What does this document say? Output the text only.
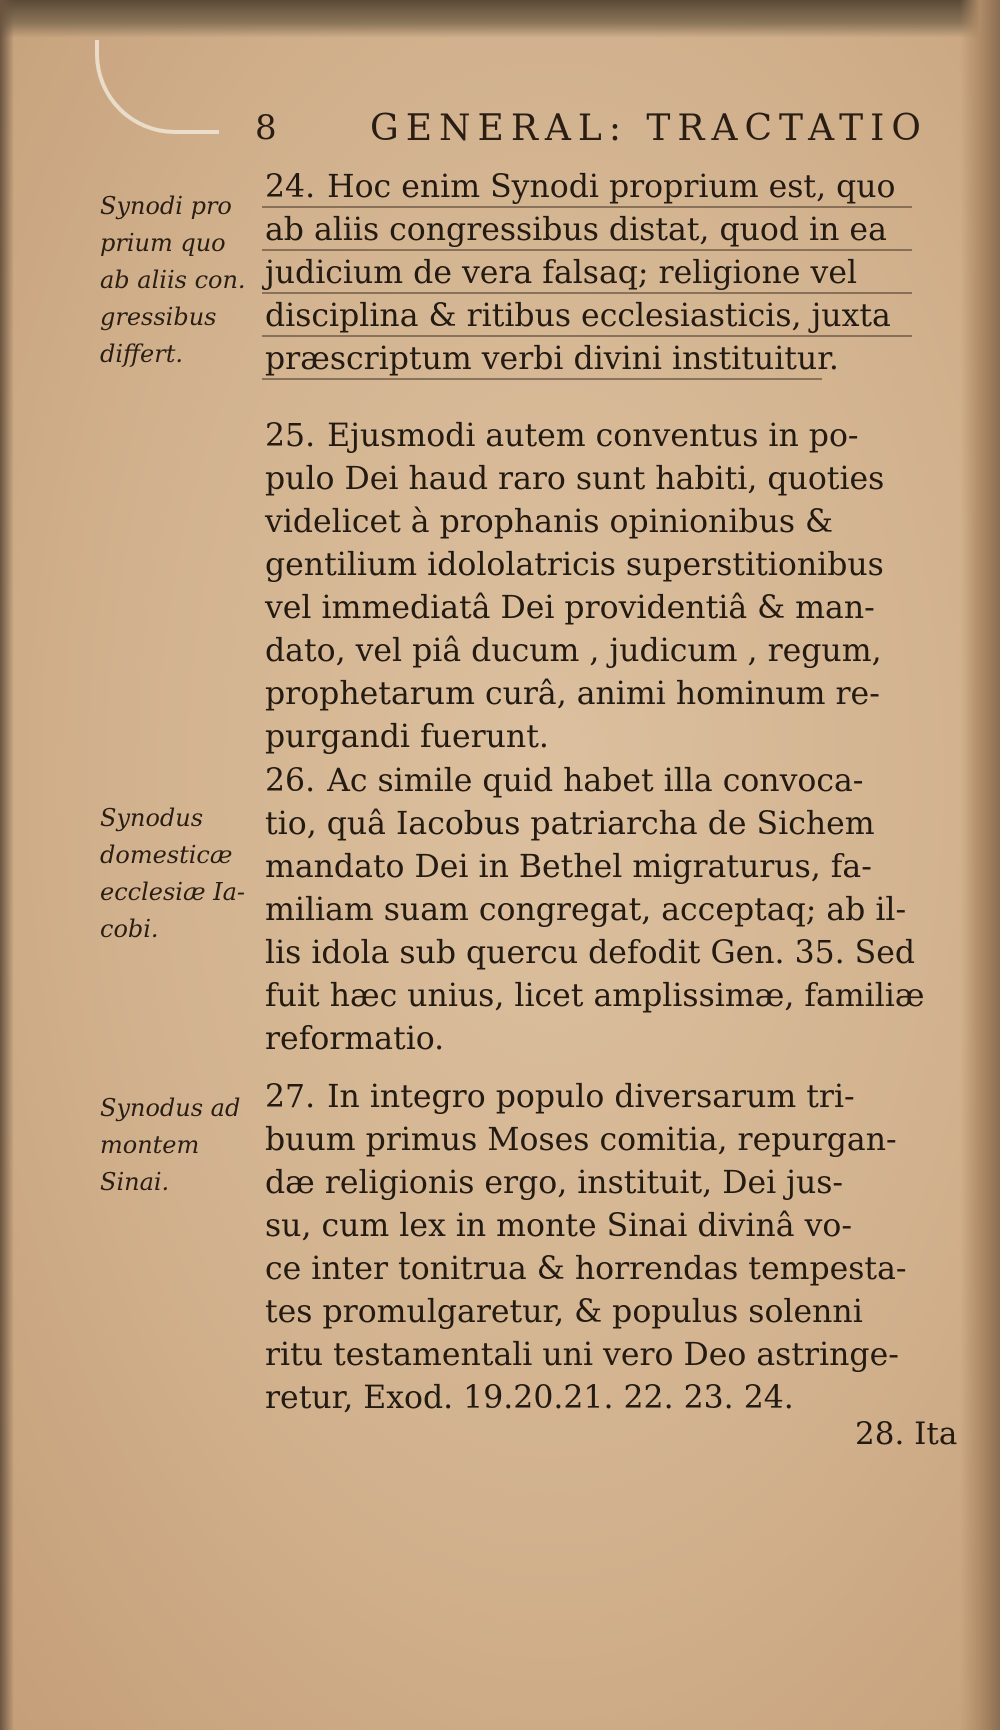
8	GENERAL: TRACTATIO
Synodi pro
prium quo
ab aliis con.
gressibus
differt.
24. Hoc enim Synodi proprium est, quo
ab aliis congressibus distat, quod in ea
judicium de vera falsaq; religione vel
disciplina & ritibus ecclesiasticis, juxta
præscriptum verbi divini instituitur.
25. Ejusmodi autem conventus in po-
pulo Dei haud raro sunt habiti, quoties
videlicet à prophanis opinionibus &
gentilium idololatricis superstitionibus
vel immediatâ Dei providentiâ & man-
dato, vel piâ ducum , judicum , regum,
prophetarum curâ, animi hominum re-
purgandi fuerunt.
Synodus
domesticæ
ecclesiæ Ia-
cobi.
26. Ac simile quid habet illa convoca-
tio, quâ Iacobus patriarcha de Sichem
mandato Dei in Bethel migraturus, fa-
miliam suam congregat, acceptaq; ab il-
lis idola sub quercu defodit Gen. 35. Sed
fuit hæc unius, licet amplissimæ, familiæ
reformatio.
Synodus ad
montem
Sinai.
27. In integro populo diversarum tri-
buum primus Moses comitia, repurgan-
dæ religionis ergo, instituit, Dei jus-
su, cum lex in monte Sinai divinâ vo-
ce inter tonitrua & horrendas tempesta-
tes promulgaretur, & populus solenni
ritu testamentali uni vero Deo astringe-
retur, Exod. 19.20.21. 22. 23. 24.
28. Ita
